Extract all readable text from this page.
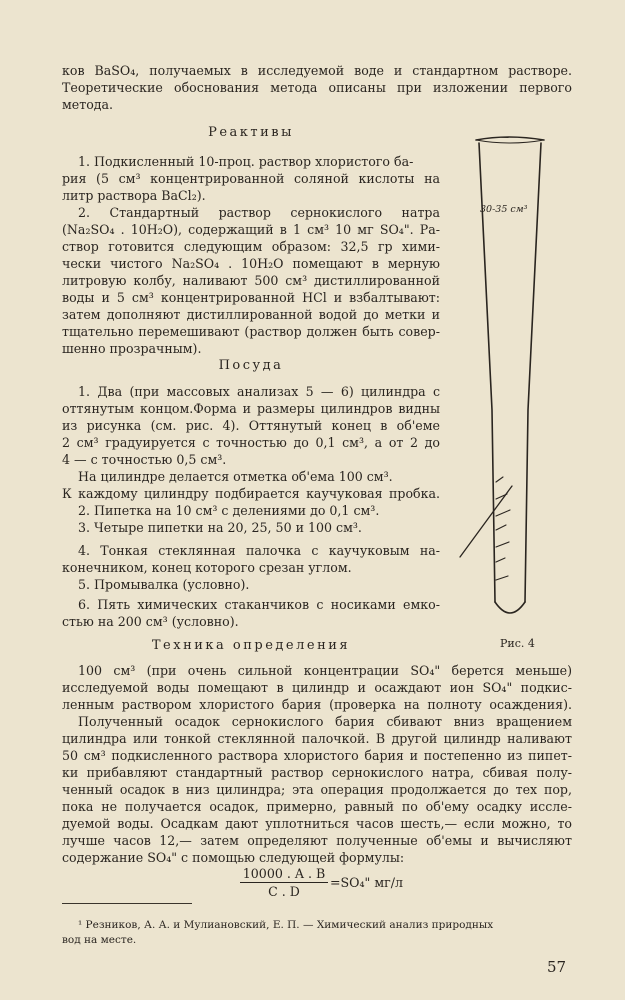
ков BaSO₄, получаемых в исследуемой воде и стандартном растворе.

Теоретические обоснования метода описаны при изложении первого

метода.

Реактивы

1. Подкисленный 10-проц. раствор хлористого ба-

рия (5 см³ концентрированной соляной кислоты на

литр раствора BaCl₂).

2. Стандартный раствор сернокислого натра

(Na₂SO₄ . 10H₂O), содержащий в 1 см³ 10 мг SO₄". Ра-

створ готовится следующим образом: 32,5 гр хими-

чески чистого Na₂SO₄ . 10H₂O помещают в мерную

литровую колбу, наливают 500 см³ дистиллированной

воды и 5 см³ концентрированной HCl и взбалтывают:

затем дополняют дистиллированной водой до метки и

тщательно перемешивают (раствор должен быть совер-

шенно прозрачным).

Посуда

1. Два (при массовых анализах 5 — 6) цилиндра с

оттянутым концом.Форма и размеры цилиндров видны

из рисунка (см. рис. 4). Оттянутый конец в об'еме

2 см³ градуируется с точностью до 0,1 см³, а от 2 до

4 — с точностью 0,5 см³.

На цилиндре делается отметка об'ема 100 см³.

К каждому цилиндру подбирается каучуковая пробка.

2. Пипетка на 10 см³ с делениями до 0,1 см³.

3. Четыре пипетки на 20, 25, 50 и 100 см³.

4. Тонкая стеклянная палочка с каучуковым на-

конечником, конец которого срезан углом.

5. Промывалка (условно).

6. Пять химических стаканчиков с носиками емко-

стью на 200 см³ (условно).

Техника определения

100 см³ (при очень сильной концентрации SO₄" берется меньше)

исследуемой воды помещают в цилиндр и осаждают ион SO₄" подкис-

ленным раствором хлористого бария (проверка на полноту осаждения).

Полученный осадок сернокислого бария сбивают вниз вращением

цилиндра или тонкой стеклянной палочкой. В другой цилиндр наливают

50 см³ подкисленного раствора хлористого бария и постепенно из пипет-

ки прибавляют стандартный раствор сернокислого натра, сбивая полу-

ченный осадок в низ цилиндра; эта операция продолжается до тех пор,

пока не получается осадок, примерно, равный по об'ему осадку иссле-

дуемой воды. Осадкам дают уплотниться часов шесть,— если можно, то

лучше часов 12,— затем определяют полученные об'емы и вычисляют

содержание SO₄" с помощью следующей формулы:

$\frac{10000 . A . B}{C . D} =SO_4$" мг/л

¹ Резников, А. А. и Мулиановский, Е. П. — Химический анализ природных

вод на месте.

57
30-35 см³
Рис. 4
